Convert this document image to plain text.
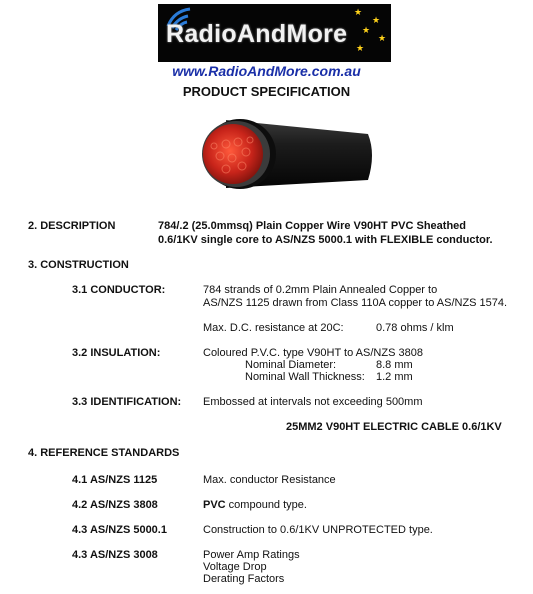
★
★
★
★
★
RadioAndMore
www.RadioAndMore.com.au
PRODUCT SPECIFICATION
2. DESCRIPTION	784/.2 (25.0mmsq) Plain Copper Wire V90HT PVC Sheathed
0.6/1KV single core to AS/NZS 5000.1 with FLEXIBLE conductor.
3. CONSTRUCTION
3.1 CONDUCTOR:	784 strands of 0.2mm Plain Annealed Copper to
AS/NZS 1125 drawn from Class 110A copper to AS/NZS 1574.
Max. D.C. resistance at 20C:	0.78 ohms / klm
3.2 INSULATION:	Coloured P.V.C. type V90HT to AS/NZS 3808
Nominal Diameter:	8.8 mm
Nominal Wall Thickness: 1.2 mm
3.3 IDENTIFICATION: Embossed at intervals not exceeding 500mm
25MM2 V90HT ELECTRIC CABLE 0.6/1KV
4. REFERENCE STANDARDS
4.1 AS/NZS 1125	Max. conductor Resistance
4.2 AS/NZS 3808	PVC compound type.
4.3 AS/NZS 5000.1	Construction to 0.6/1KV UNPROTECTED type.
4.3 AS/NZS 3008	Power Amp Ratings
Voltage Drop
Derating Factors
